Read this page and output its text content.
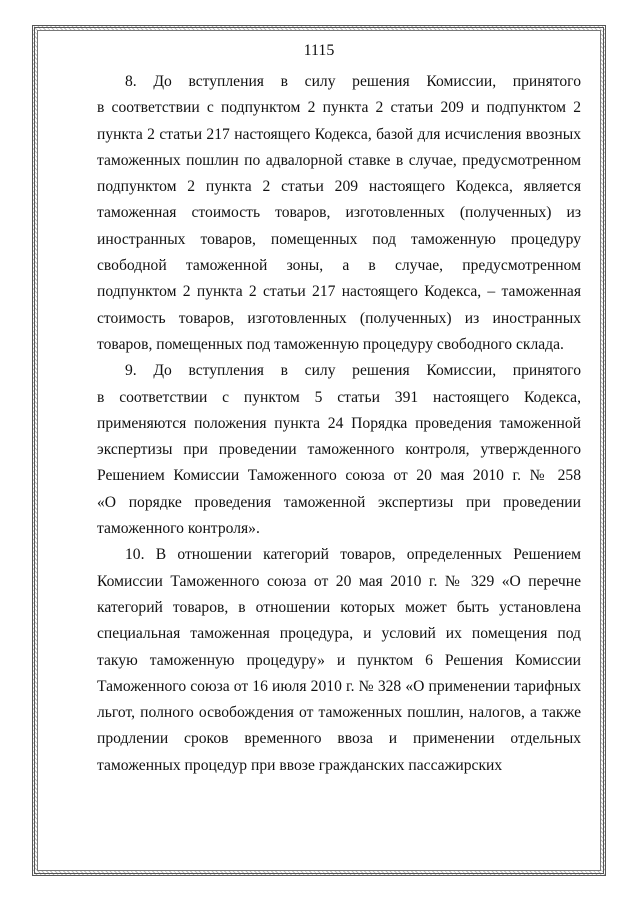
1115
8. До вступления в силу решения Комиссии, принятого
в соответствии с подпунктом 2 пункта 2 статьи 209 и подпунктом 2
пункта 2 статьи 217 настоящего Кодекса, базой для исчисления ввозных
таможенных пошлин по адвалорной ставке в случае, предусмотренном
подпунктом 2 пункта 2 статьи 209 настоящего Кодекса, является
таможенная стоимость товаров, изготовленных (полученных) из
иностранных товаров, помещенных под таможенную процедуру
свободной таможенной зоны, а в случае, предусмотренном
подпунктом 2 пункта 2 статьи 217 настоящего Кодекса, – таможенная
стоимость товаров, изготовленных (полученных) из иностранных
товаров, помещенных под таможенную процедуру свободного склада.
9. До вступления в силу решения Комиссии, принятого
в соответствии с пунктом 5 статьи 391 настоящего Кодекса,
применяются положения пункта 24 Порядка проведения таможенной
экспертизы при проведении таможенного контроля, утвержденного
Решением Комиссии Таможенного союза от 20 мая 2010 г. № 258
«О порядке проведения таможенной экспертизы при проведении
таможенного контроля».
10. В отношении категорий товаров, определенных Решением
Комиссии Таможенного союза от 20 мая 2010 г. № 329 «О перечне
категорий товаров, в отношении которых может быть установлена
специальная таможенная процедура, и условий их помещения под
такую таможенную процедуру» и пунктом 6 Решения Комиссии
Таможенного союза от 16 июля 2010 г. № 328 «О применении тарифных
льгот, полного освобождения от таможенных пошлин, налогов, а также
продлении сроков временного ввоза и применении отдельных
таможенных процедур при ввозе гражданских пассажирских
